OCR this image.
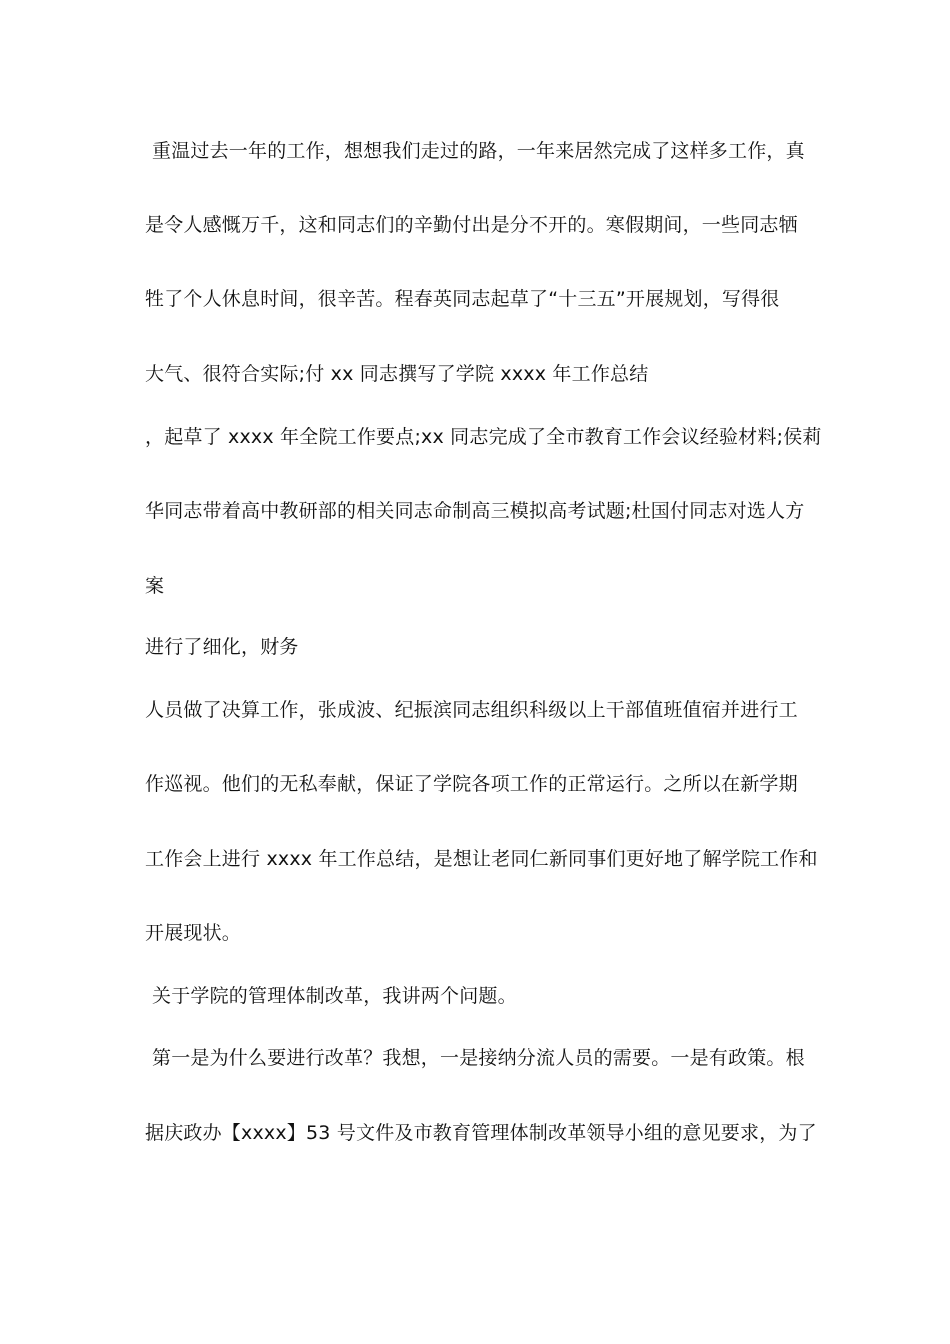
重温过去一年的工作，想想我们走过的路，一年来居然完成了这样多工作，真

是令人感慨万千，这和同志们的辛勤付出是分不开的。寒假期间，一些同志牺

牲了个人休息时间，很辛苦。程春英同志起草了“十三五”开展规划，写得很

大气、很符合实际;付 xx 同志撰写了学院 xxxx 年工作总结

，起草了 xxxx 年全院工作要点;xx 同志完成了全市教育工作会议经验材料;侯莉

华同志带着高中教研部的相关同志命制高三模拟高考试题;杜国付同志对选人方

案

进行了细化，财务

人员做了决算工作，张成波、纪振滨同志组织科级以上干部值班值宿并进行工

作巡视。他们的无私奉献，保证了学院各项工作的正常运行。之所以在新学期

工作会上进行 xxxx 年工作总结，是想让老同仁新同事们更好地了解学院工作和

开展现状。

关于学院的管理体制改革，我讲两个问题。

第一是为什么要进行改革？我想，一是接纳分流人员的需要。一是有政策。根

据庆政办【xxxx】53 号文件及市教育管理体制改革领导小组的意见要求，为了
